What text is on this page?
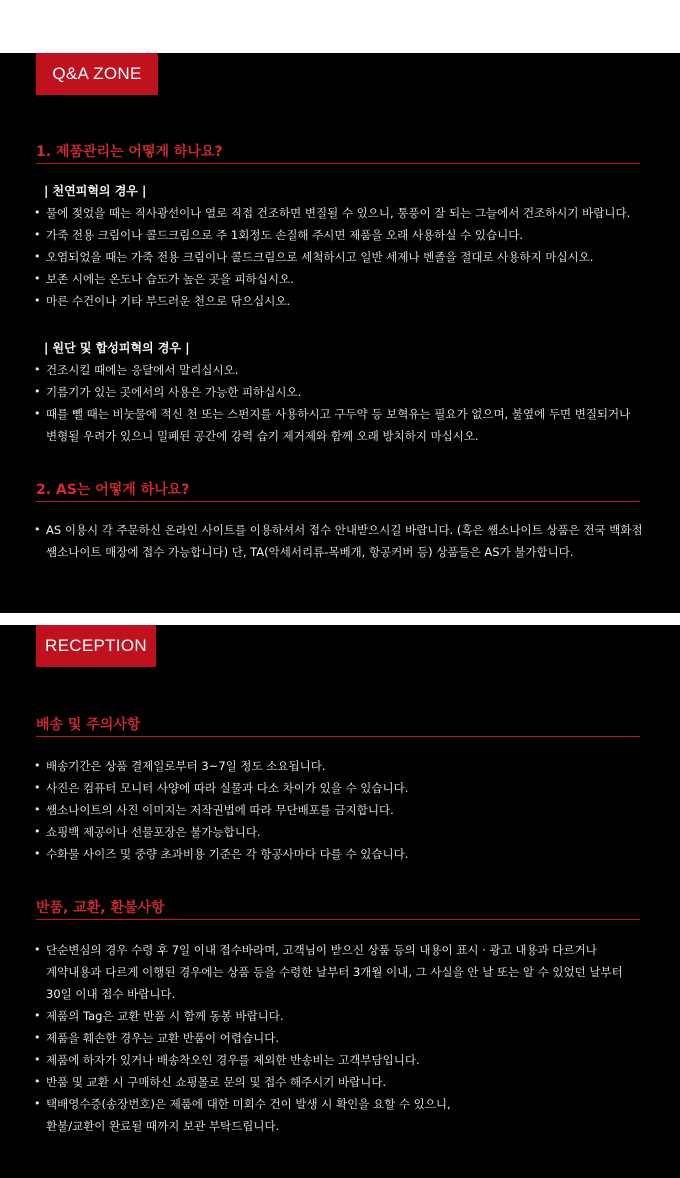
Q&A ZONE
1. 제품관리는 어떻게 하나요?
| 천연피혁의 경우 |
• 물에 젖었을 때는 직사광선이나 열로 직접 건조하면 변질될 수 있으니, 통풍이 잘 되는 그늘에서 건조하시기 바랍니다.
• 가죽 전용 크림이나 콜드크림으로 주 1회정도 손질해 주시면 제품을 오래 사용하실 수 있습니다.
• 오염되었을 때는 가죽 전용 크림이나 콜드크림으로 세척하시고 일반 세제나 벤졸을 절대로 사용하지 마십시오.
• 보존 시에는 온도나 습도가 높은 곳을 피하십시오.
• 마른 수건이나 기타 부드러운 천으로 닦으십시오.
| 원단 및 합성피혁의 경우 |
• 건조시킬 때에는 응달에서 말리십시오.
• 기름기가 있는 곳에서의 사용은 가능한 피하십시오.
• 때를 뺄 때는 비눗물에 적신 천 또는 스펀지를 사용하시고 구두약 등 보혁유는 필요가 없으며, 불옆에 두면 변질되거나
변형될 우려가 있으니 밀폐된 공간에 강력 습기 제거제와 함께 오래 방치하지 마십시오.
2. AS는 어떻게 하나요?
• AS 이용시 각 주문하신 온라인 사이트를 이용하셔서 접수 안내받으시길 바랍니다. (혹은 쌤소나이트 상품은 전국 백화점
쌤소나이트 매장에 접수 가능합니다) 단, TA(악세서리류-목베개, 항공커버 등) 상품들은 AS가 불가합니다.
RECEPTION
배송 및 주의사항
• 배송기간은 상품 결제일로부터 3~7일 정도 소요됩니다.
• 사진은 컴퓨터 모니터 사양에 따라 실물과 다소 차이가 있을 수 있습니다.
• 쌤소나이트의 사진 이미지는 저작권법에 따라 무단배포를 금지합니다.
• 쇼핑백 제공이나 선물포장은 불가능합니다.
• 수화물 사이즈 및 중량 초과비용 기준은 각 항공사마다 다를 수 있습니다.
반품, 교환, 환불사항
• 단순변심의 경우 수령 후 7일 이내 접수바라며, 고객님이 받으신 상품 등의 내용이 표시 · 광고 내용과 다르거나
계약내용과 다르게 이행된 경우에는 상품 등을 수령한 날부터 3개월 이내, 그 사실을 안 날 또는 알 수 있었던 날부터
30일 이내 접수 바랍니다.
• 제품의 Tag은 교환 반품 시 함께 동봉 바랍니다.
• 제품을 훼손한 경우는 교환 반품이 어렵습니다.
• 제품에 하자가 있거나 배송착오인 경우를 제외한 반송비는 고객부담입니다.
• 반품 및 교환 시 구매하신 쇼핑몰로 문의 및 접수 해주시기 바랍니다.
• 택배영수증(송장번호)은 제품에 대한 미회수 건이 발생 시 확인을 요할 수 있으니,
환불/교환이 완료될 때까지 보관 부탁드립니다.
